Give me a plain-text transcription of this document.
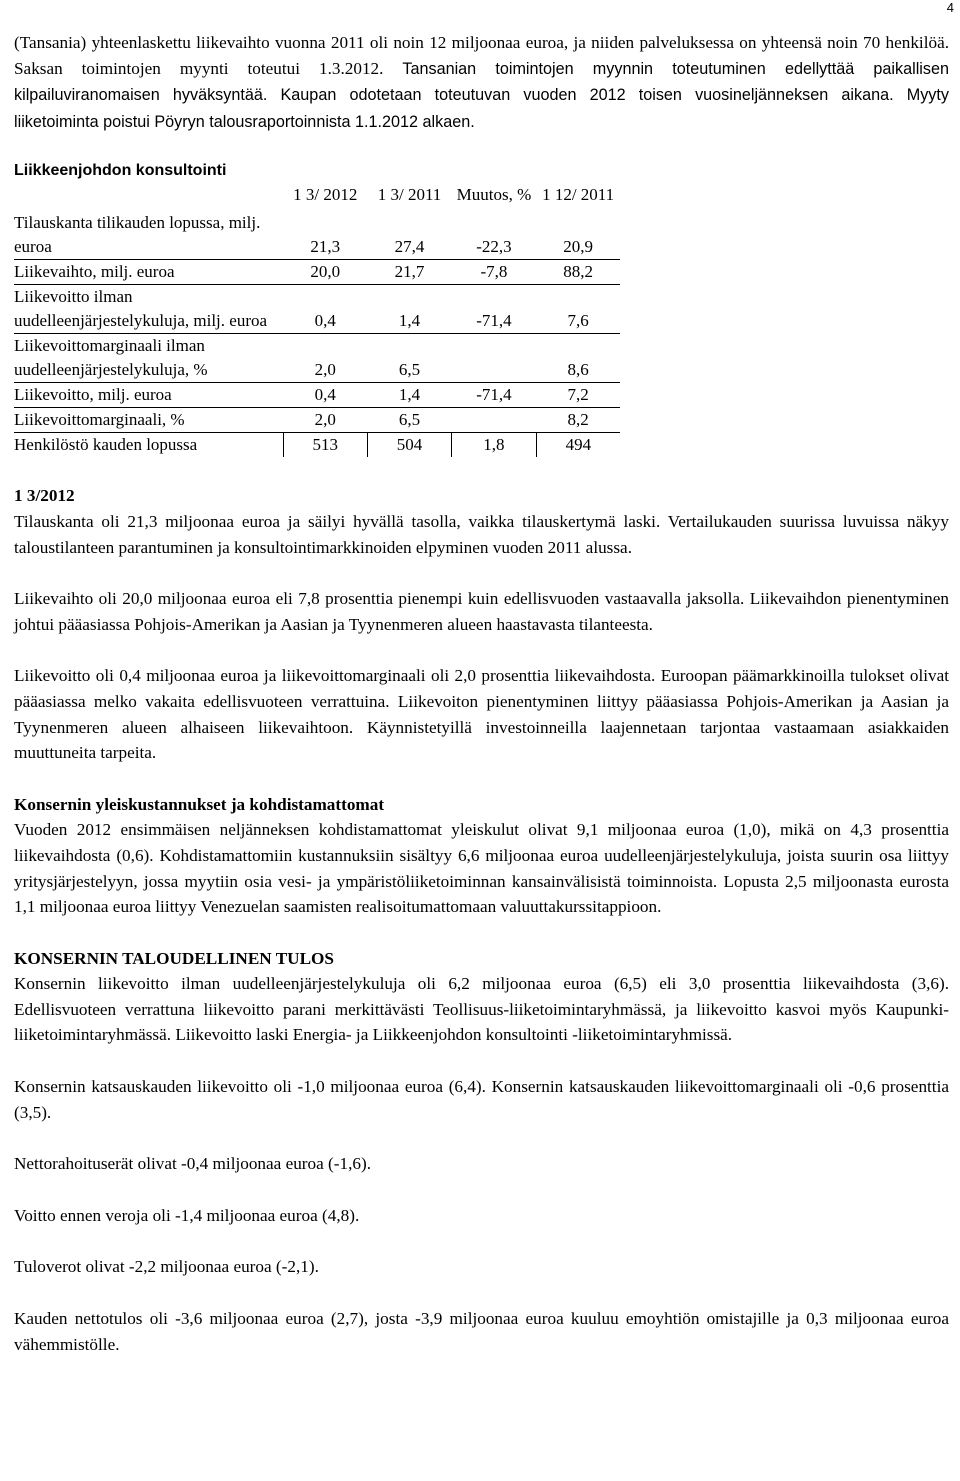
4

(Tansania) yhteenlaskettu liikevaihto vuonna 2011 oli noin 12 miljoonaa euroa, ja niiden palveluksessa on yhteensä noin 70 henkilöä. Saksan toimintojen myynti toteutui 1.3.2012. Tansanian toimintojen myynnin toteutuminen edellyttää paikallisen kilpailuviranomaisen hyväksyntää. Kaupan odotetaan toteutuvan vuoden 2012 toisen vuosineljänneksen aikana. Myyty liiketoiminta poistui Pöyryn talousraportoinnista 1.1.2012 alkaen.

Liikkeenjohdon konsultointi
	1 3/ 2012	1 3/ 2011	Muutos, %	1 12/ 2011
Tilauskanta tilikauden lopussa, milj. euroa	21,3	27,4	-22,3	20,9
Liikevaihto, milj. euroa	20,0	21,7	-7,8	88,2
Liikevoitto ilman uudelleenjärjestelykuluja, milj. euroa	0,4	1,4	-71,4	7,6
Liikevoittomarginaali ilman uudelleenjärjestelykuluja, %	2,0	6,5		8,6
Liikevoitto, milj. euroa	0,4	1,4	-71,4	7,2
Liikevoittomarginaali, %	2,0	6,5		8,2
Henkilöstö kauden lopussa	513	504	1,8	494

1 3/2012

Tilauskanta oli 21,3 miljoonaa euroa ja säilyi hyvällä tasolla, vaikka tilauskertymä laski. Vertailukauden suurissa luvuissa näkyy taloustilanteen parantuminen ja konsultointimarkkinoiden elpyminen vuoden 2011 alussa.

Liikevaihto oli 20,0 miljoonaa euroa eli 7,8 prosenttia pienempi kuin edellisvuoden vastaavalla jaksolla. Liikevaihdon pienentyminen johtui pääasiassa Pohjois-Amerikan ja Aasian ja Tyynenmeren alueen haastavasta tilanteesta.

Liikevoitto oli 0,4 miljoonaa euroa ja liikevoittomarginaali oli 2,0 prosenttia liikevaihdosta. Euroopan päämarkkinoilla tulokset olivat pääasiassa melko vakaita edellisvuoteen verrattuina. Liikevoiton pienentyminen liittyy pääasiassa Pohjois-Amerikan ja Aasian ja Tyynenmeren alueen alhaiseen liikevaihtoon. Käynnistetyillä investoinneilla laajennetaan tarjontaa vastaamaan asiakkaiden muuttuneita tarpeita.

Konsernin yleiskustannukset ja kohdistamattomat

Vuoden 2012 ensimmäisen neljänneksen kohdistamattomat yleiskulut olivat 9,1 miljoonaa euroa (1,0), mikä on 4,3 prosenttia liikevaihdosta (0,6). Kohdistamattomiin kustannuksiin sisältyy 6,6 miljoonaa euroa uudelleenjärjestelykuluja, joista suurin osa liittyy yritysjärjestelyyn, jossa myytiin osia vesi- ja ympäristöliiketoiminnan kansainvälisistä toiminnoista. Lopusta 2,5 miljoonasta eurosta 1,1 miljoonaa euroa liittyy Venezuelan saamisten realisoitumattomaan valuuttakurssitappioon.

KONSERNIN TALOUDELLINEN TULOS

Konsernin liikevoitto ilman uudelleenjärjestelykuluja oli 6,2 miljoonaa euroa (6,5) eli 3,0 prosenttia liikevaihdosta (3,6). Edellisvuoteen verrattuna liikevoitto parani merkittävästi Teollisuus-liiketoimintaryhmässä, ja liikevoitto kasvoi myös Kaupunki-liiketoimintaryhmässä. Liikevoitto laski Energia- ja Liikkeenjohdon konsultointi -liiketoimintaryhmissä.

Konsernin katsauskauden liikevoitto oli -1,0 miljoonaa euroa (6,4). Konsernin katsauskauden liikevoittomarginaali oli -0,6 prosenttia (3,5).

Nettorahoituserät olivat -0,4 miljoonaa euroa (-1,6).

Voitto ennen veroja oli -1,4 miljoonaa euroa (4,8).

Tuloverot olivat -2,2 miljoonaa euroa (-2,1).

Kauden nettotulos oli -3,6 miljoonaa euroa (2,7), josta -3,9 miljoonaa euroa kuuluu emoyhtiön omistajille ja 0,3 miljoonaa euroa vähemmistölle.
